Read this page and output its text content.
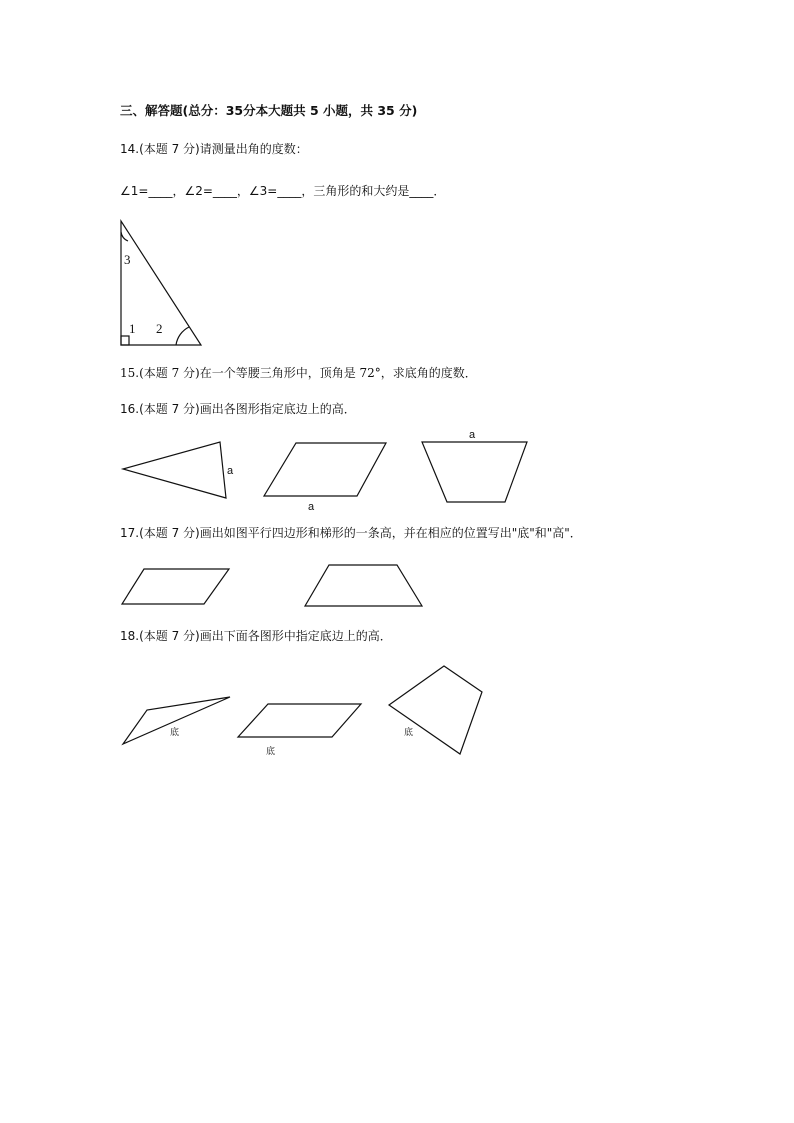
三、解答题(总分：35分本大题共 5 小题，共 35 分)
14.(本题 7 分)请测量出角的度数：
∠1=____，∠2=____，∠3=____，三角形的和大约是____．
15.(本题 7 分)在一个等腰三角形中，顶角是 72°，求底角的度数．
16.(本题 7 分)画出各图形指定底边上的高．
17.(本题 7 分)画出如图平行四边形和梯形的一条高，并在相应的位置写出"底"和"高"．
18.(本题 7 分)画出下面各图形中指定底边上的高．
3
1 2
a
a
a
底
底
底
